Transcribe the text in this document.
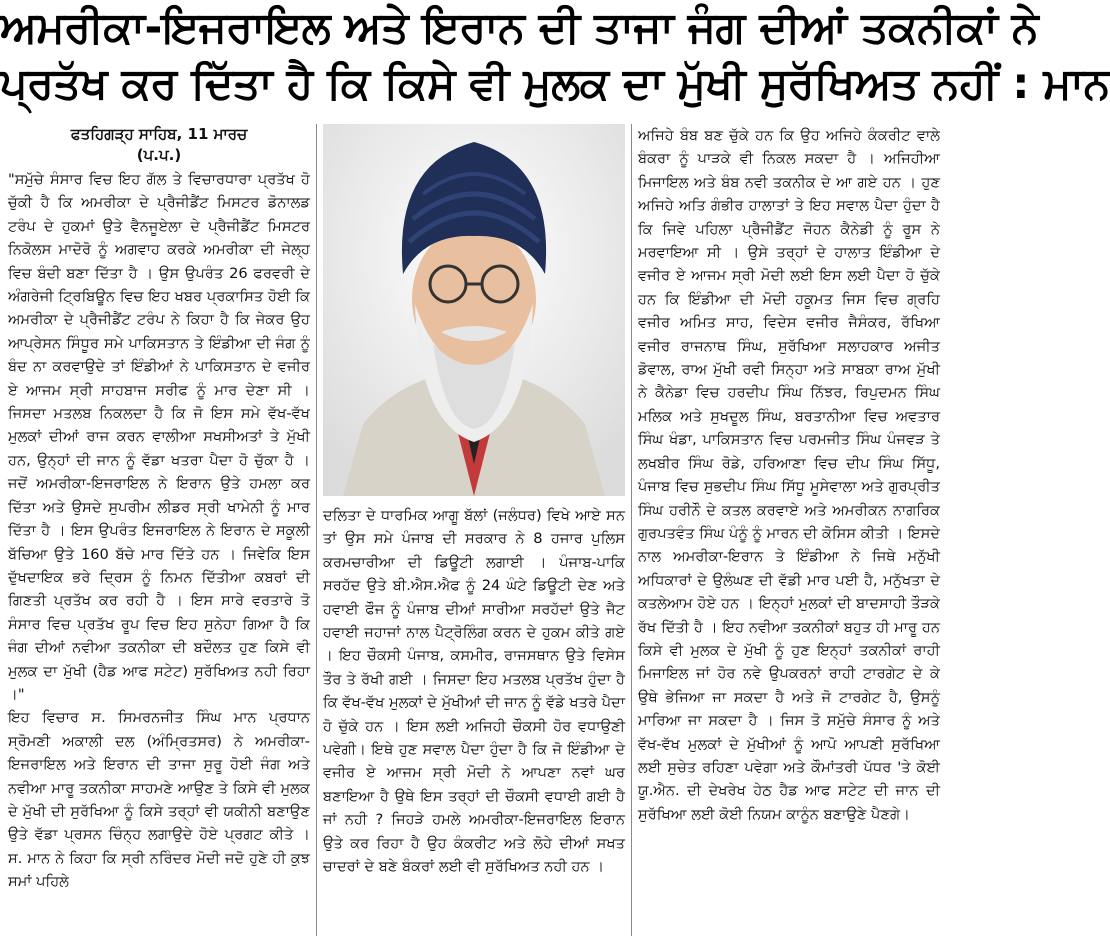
ਅਮਰੀਕਾ-ਇਜਰਾਇਲ ਅਤੇ ਇਰਾਨ ਦੀ ਤਾਜਾ ਜੰਗ ਦੀਆਂ ਤਕਨੀਕਾਂ ਨੇ
ਪ੍ਰਤੱਖ ਕਰ ਦਿੱਤਾ ਹੈ ਕਿ ਕਿਸੇ ਵੀ ਮੁਲਕ ਦਾ ਮੁੱਖੀ ਸੁਰੱਖਿਅਤ ਨਹੀਂ : ਮਾਨ
ਫਤਹਿਗੜ੍ਹ ਸਾਹਿਬ, 11 ਮਾਰਚ
(ਪ.ਪ.)

"ਸਮੁੱਚੇ ਸੰਸਾਰ ਵਿਚ ਇਹ ਗੱਲ ਤੇ ਵਿਚਾਰਧਾਰਾ ਪ੍ਰਤੱਖ ਹੋ ਚੁੱਕੀ ਹੈ ਕਿ ਅਮਰੀਕਾ ਦੇ ਪ੍ਰੈਜੀਡੈਂਟ ਮਿਸਟਰ ਡੋਨਾਲਡ ਟਰੰਪ ਦੇ ਹੁਕਮਾਂ ਉਤੇ ਵੈਨਜੂਏਲਾ ਦੇ ਪ੍ਰੈਜੀਡੈਂਟ ਮਿਸਟਰ ਨਿਕੋਲਸ ਮਾਦੋਰੋ ਨੂੰ ਅਗਵਾਹ ਕਰਕੇ ਅਮਰੀਕਾ ਦੀ ਜੇਲ੍ਹ ਵਿਚ ਬੰਦੀ ਬਣਾ ਦਿੱਤਾ ਹੈ । ਉਸ ਉਪਰੰਤ 26 ਫਰਵਰੀ ਦੇ ਅੰਗਰੇਜੀ ਟ੍ਰਿਬਿਊਨ ਵਿਚ ਇਹ ਖਬਰ ਪ੍ਰਕਾਸਿਤ ਹੋਈ ਕਿ ਅਮਰੀਕਾ ਦੇ ਪ੍ਰੈਜੀਡੈਂਟ ਟਰੰਪ ਨੇ ਕਿਹਾ ਹੈ ਕਿ ਜੇਕਰ ਉਹ ਆਪ੍ਰੇਸਨ ਸਿੰਧੂਰ ਸਮੇ ਪਾਕਿਸਤਾਨ ਤੇ ਇੰਡੀਆ ਦੀ ਜੰਗ ਨੂੰ ਬੰਦ ਨਾ ਕਰਵਾਉਦੇ ਤਾਂ ਇੰਡੀਆਂ ਨੇ ਪਾਕਿਸਤਾਨ ਦੇ ਵਜੀਰ ਏ ਆਜਮ ਸ੍ਰੀ ਸਾਹਬਾਜ ਸਰੀਫ ਨੂੰ ਮਾਰ ਦੇਣਾ ਸੀ । ਜਿਸਦਾ ਮਤਲਬ ਨਿਕਲਦਾ ਹੈ ਕਿ ਜੋ ਇਸ ਸਮੇ ਵੱਖ-ਵੱਖ ਮੁਲਕਾਂ ਦੀਆਂ ਰਾਜ ਕਰਨ ਵਾਲੀਆ ਸਖਸੀਅਤਾਂ ਤੇ ਮੁੱਖੀ ਹਨ, ਉਨ੍ਹਾਂ ਦੀ ਜਾਨ ਨੂੰ ਵੱਡਾ ਖਤਰਾ ਪੈਦਾ ਹੋ ਚੁੱਕਾ ਹੈ । ਜਦੋਂ ਅਮਰੀਕਾ-ਇਜਰਾਇਲ ਨੇ ਇਰਾਨ ਉਤੇ ਹਮਲਾ ਕਰ ਦਿੱਤਾ ਅਤੇ ਉਸਦੇ ਸੁਪਰੀਮ ਲੀਡਰ ਸ੍ਰੀ ਖਾਮੇਨੀ ਨੂੰ ਮਾਰ ਦਿੱਤਾ ਹੈ । ਇਸ ਉਪਰੰਤ ਇਜਰਾਇਲ ਨੇ ਇਰਾਨ ਦੇ ਸਕੂਲੀ ਬੱਚਿਆ ਉਤੇ 160 ਬੱਚੇ ਮਾਰ ਦਿੱਤੇ ਹਨ । ਜਿਵੇਕਿ ਇਸ ਦੁੱਖਦਾਇਕ ਭਰੇ ਦ੍ਰਿਸ ਨੂੰ ਨਿਮਨ ਦਿੱਤੀਆ ਕਬਰਾਂ ਦੀ ਗਿਣਤੀ ਪ੍ਰਤੱਖ ਕਰ ਰਹੀ ਹੈ । ਇਸ ਸਾਰੇ ਵਰਤਾਰੇ ਤੋ ਸੰਸਾਰ ਵਿਚ ਪ੍ਰਤੱਖ ਰੂਪ ਵਿਚ ਇਹ ਸੁਨੇਹਾ ਗਿਆ ਹੈ ਕਿ ਜੰਗ ਦੀਆਂ ਨਵੀਆ ਤਕਨੀਕਾ ਦੀ ਬਦੌਲਤ ਹੁਣ ਕਿਸੇ ਵੀ ਮੁਲਕ ਦਾ ਮੁੱਖੀ (ਹੈਡ ਆਫ ਸਟੇਟ) ਸੁਰੱਖਿਅਤ ਨਹੀ ਰਿਹਾ ।"

ਇਹ ਵਿਚਾਰ ਸ. ਸਿਮਰਨਜੀਤ ਸਿੰਘ ਮਾਨ ਪ੍ਰਧਾਨ ਸ੍ਰੋਮਣੀ ਅਕਾਲੀ ਦਲ (ਅੰਮ੍ਰਿਤਸਰ) ਨੇ ਅਮਰੀਕਾ-ਇਜਰਾਇਲ ਅਤੇ ਇਰਾਨ ਦੀ ਤਾਜਾ ਸੁਰੂ ਹੋਈ ਜੰਗ ਅਤੇ ਨਵੀਆ ਮਾਰੂ ਤਕਨੀਕਾ ਸਾਹਮਣੇ ਆਉਣ ਤੇ ਕਿਸੇ ਵੀ ਮੁਲਕ ਦੇ ਮੁੱਖੀ ਦੀ ਸੁਰੱਖਿਆ ਨੂੰ ਕਿਸੇ ਤਰ੍ਹਾਂ ਵੀ ਯਕੀਨੀ ਬਣਾਉਣ ਉਤੇ ਵੱਡਾ ਪ੍ਰਸਨ ਚਿੰਨ੍ਹ ਲਗਾਉਦੇ ਹੋਏ ਪ੍ਰਗਟ ਕੀਤੇ । ਸ. ਮਾਨ ਨੇ ਕਿਹਾ ਕਿ ਸ੍ਰੀ ਨਰਿੰਦਰ ਮੋਦੀ ਜਦੋ ਹੁਣੇ ਹੀ ਕੁਝ ਸਮਾਂ ਪਹਿਲੇ

ਦਲਿਤਾ ਦੇ ਧਾਰਮਿਕ ਆਗੂ ਬੱਲਾਂ (ਜਲੰਧਰ) ਵਿਖੇ ਆਏ ਸਨ ਤਾਂ ਉਸ ਸਮੇ ਪੰਜਾਬ ਦੀ ਸਰਕਾਰ ਨੇ 8 ਹਜਾਰ ਪੁਲਿਸ ਕਰਮਚਾਰੀਆ ਦੀ ਡਿਊਟੀ ਲਗਾਈ । ਪੰਜਾਬ-ਪਾਕਿ ਸਰਹੱਦ ਉਤੇ ਬੀ.ਐਸ.ਐਫ ਨੂੰ 24 ਘੰਟੇ ਡਿਊਟੀ ਦੇਣ ਅਤੇ ਹਵਾਈ ਫੌਜ ਨੂੰ ਪੰਜਾਬ ਦੀਆਂ ਸਾਰੀਆ ਸਰਹੱਦਾਂ ਉਤੇ ਜੈਟ ਹਵਾਈ ਜਹਾਜਾਂ ਨਾਲ ਪੈਟ੍ਰੋਲਿੰਗ ਕਰਨ ਦੇ ਹੁਕਮ ਕੀਤੇ ਗਏ । ਇਹ ਚੌਕਸੀ ਪੰਜਾਬ, ਕਸਮੀਰ, ਰਾਜਸਥਾਨ ਉਤੇ ਵਿਸੇਸ ਤੌਰ ਤੇ ਰੱਖੀ ਗਈ । ਜਿਸਦਾ ਇਹ ਮਤਲਬ ਪ੍ਰਤੱਖ ਹੁੰਦਾ ਹੈ ਕਿ ਵੱਖ-ਵੱਖ ਮੁਲਕਾਂ ਦੇ ਮੁੱਖੀਆਂ ਦੀ ਜਾਨ ਨੂੰ ਵੱਡੇ ਖਤਰੇ ਪੈਦਾ ਹੋ ਚੁੱਕੇ ਹਨ । ਇਸ ਲਈ ਅਜਿਹੀ ਚੌਕਸੀ ਹੋਰ ਵਧਾਉਣੀ ਪਵੇਗੀ। ਇਥੇ ਹੁਣ ਸਵਾਲ ਪੈਦਾ ਹੁੰਦਾ ਹੈ ਕਿ ਜੋ ਇੰਡੀਆ ਦੇ ਵਜੀਰ ਏ ਆਜਮ ਸ੍ਰੀ ਮੋਦੀ ਨੇ ਆਪਣਾ ਨਵਾਂ ਘਰ ਬਣਾਇਆ ਹੈ ਉਥੇ ਇਸ ਤਰ੍ਹਾਂ ਦੀ ਚੌਕਸੀ ਵਧਾਈ ਗਈ ਹੈ ਜਾਂ ਨਹੀ ? ਜਿਹੜੇ ਹਮਲੇ ਅਮਰੀਕਾ-ਇਜਰਾਇਲ ਇਰਾਨ ਉਤੇ ਕਰ ਰਿਹਾ ਹੈ ਉਹ ਕੰਕਰੀਟ ਅਤੇ ਲੋਹੇ ਦੀਆਂ ਸਖਤ ਚਾਦਰਾਂ ਦੇ ਬਣੇ ਬੰਕਰਾਂ ਲਈ ਵੀ ਸੁਰੱਖਿਅਤ ਨਹੀ ਹਨ ।

ਅਜਿਹੇ ਬੰਬ ਬਣ ਚੁੱਕੇ ਹਨ ਕਿ ਉਹ ਅਜਿਹੇ ਕੰਕਰੀਟ ਵਾਲੇ ਬੰਕਰਾ ਨੂੰ ਪਾੜਕੇ ਵੀ ਨਿਕਲ ਸਕਦਾ ਹੈ । ਅਜਿਹੀਆ ਮਿਜਾਇਲ ਅਤੇ ਬੰਬ ਨਵੀ ਤਕਨੀਕ ਦੇ ਆ ਗਏ ਹਨ । ਹੁਣ ਅਜਿਹੇ ਅਤਿ ਗੰਭੀਰ ਹਾਲਾਤਾਂ ਤੇ ਇਹ ਸਵਾਲ ਪੈਦਾ ਹੁੰਦਾ ਹੈ ਕਿ ਜਿਵੇ ਪਹਿਲਾ ਪ੍ਰੈਜੀਡੈਂਟ ਜੋਹਨ ਕੈਨੇਡੀ ਨੂੰ ਰੂਸ ਨੇ ਮਰਵਾਇਆ ਸੀ । ਉਸੇ ਤਰ੍ਹਾਂ ਦੇ ਹਾਲਾਤ ਇੰਡੀਆ ਦੇ ਵਜੀਰ ਏ ਆਜਮ ਸ੍ਰੀ ਮੋਦੀ ਲਈ ਇਸ ਲਈ ਪੈਦਾ ਹੋ ਚੁੱਕੇ ਹਨ ਕਿ ਇੰਡੀਆ ਦੀ ਮੋਦੀ ਹਕੂਮਤ ਜਿਸ ਵਿਚ ਗ੍ਰਹਿ ਵਜੀਰ ਅਮਿਤ ਸਾਹ, ਵਿਦੇਸ ਵਜੀਰ ਜੈਸੰਕਰ, ਰੱਖਿਆ ਵਜੀਰ ਰਾਜਨਾਥ ਸਿੰਘ, ਸੁਰੱਖਿਆ ਸਲਾਹਕਾਰ ਅਜੀਤ ਡੋਵਾਲ, ਰਾਅ ਮੁੱਖੀ ਰਵੀ ਸਿਨ੍ਹਾ ਅਤੇ ਸਾਬਕਾ ਰਾਅ ਮੁੱਖੀ ਨੇ ਕੈਨੇਡਾ ਵਿਚ ਹਰਦੀਪ ਸਿੰਘ ਨਿੱਝਰ, ਰਿਪੁਦਮਨ ਸਿੰਘ ਮਲਿਕ ਅਤੇ ਸੁਖਦੂਲ ਸਿੰਘ, ਬਰਤਾਨੀਆ ਵਿਚ ਅਵਤਾਰ ਸਿੰਘ ਖੰਡਾ, ਪਾਕਿਸਤਾਨ ਵਿਚ ਪਰਮਜੀਤ ਸਿੰਘ ਪੰਜਵੜ ਤੇ ਲਖਬੀਰ ਸਿੰਘ ਰੋਡੇ, ਹਰਿਆਣਾ ਵਿਚ ਦੀਪ ਸਿੰਘ ਸਿੱਧੂ, ਪੰਜਾਬ ਵਿਚ ਸੁਭਦੀਪ ਸਿੰਘ ਸਿੱਧੂ ਮੂਸੇਵਾਲਾ ਅਤੇ ਗੁਰਪ੍ਰੀਤ ਸਿੰਘ ਹਰੀਨੌ ਦੇ ਕਤਲ ਕਰਵਾਏ ਅਤੇ ਅਮਰੀਕਨ ਨਾਗਰਿਕ ਗੁਰਪਤਵੰਤ ਸਿੰਘ ਪੰਨੂੰ ਨੂੰ ਮਾਰਨ ਦੀ ਕੋਸਿਸ ਕੀਤੀ । ਇਸਦੇ ਨਾਲ ਅਮਰੀਕਾ-ਇਰਾਨ ਤੇ ਇੰਡੀਆ ਨੇ ਜਿਥੇ ਮਨੁੱਖੀ ਅਧਿਕਾਰਾਂ ਦੇ ਉਲੰਘਣ ਦੀ ਵੱਡੀ ਮਾਰ ਪਈ ਹੈ, ਮਨੁੱਖਤਾ ਦੇ ਕਤਲੇਆਮ ਹੋਏ ਹਨ । ਇਨ੍ਹਾਂ ਮੁਲਕਾਂ ਦੀ ਬਾਦਸਾਹੀ ਤੌੜਕੇ ਰੱਖ ਦਿੱਤੀ ਹੈ । ਇਹ ਨਵੀਆ ਤਕਨੀਕਾਂ ਬਹੁਤ ਹੀ ਮਾਰੂ ਹਨ ਕਿਸੇ ਵੀ ਮੁਲਕ ਦੇ ਮੁੱਖੀ ਨੂੰ ਹੁਣ ਇਨ੍ਹਾਂ ਤਕਨੀਕਾਂ ਰਾਹੀ ਮਿਜਾਇਲ ਜਾਂ ਹੋਰ ਨਵੇ ਉਪਕਰਨਾਂ ਰਾਹੀ ਟਾਰਗੇਟ ਦੇ ਕੇ ਉਥੇ ਭੇਜਿਆ ਜਾ ਸਕਦਾ ਹੈ ਅਤੇ ਜੋ ਟਾਰਗੇਟ ਹੈ, ਉਸਨੂੰ ਮਾਰਿਆ ਜਾ ਸਕਦਾ ਹੈ । ਜਿਸ ਤੋ ਸਮੁੱਚੇ ਸੰਸਾਰ ਨੂੰ ਅਤੇ ਵੱਖ-ਵੱਖ ਮੁਲਕਾਂ ਦੇ ਮੁੱਖੀਆਂ ਨੂੰ ਆਪੋ ਆਪਣੀ ਸੁਰੱਖਿਆ ਲਈ ਸੁਚੇਤ ਰਹਿਣਾ ਪਵੇਗਾ ਅਤੇ ਕੌਮਾਂਤਰੀ ਪੱਧਰ 'ਤੇ ਕੋਈ ਯੂ.ਐਨ. ਦੀ ਦੇਖਰੇਖ ਹੇਠ ਹੈਡ ਆਫ ਸਟੇਟ ਦੀ ਜਾਨ ਦੀ ਸੁਰੱਖਿਆ ਲਈ ਕੋਈ ਨਿਯਮ ਕਾਨੂੰਨ ਬਣਾਉਣੇ ਪੈਣਗੇ।
